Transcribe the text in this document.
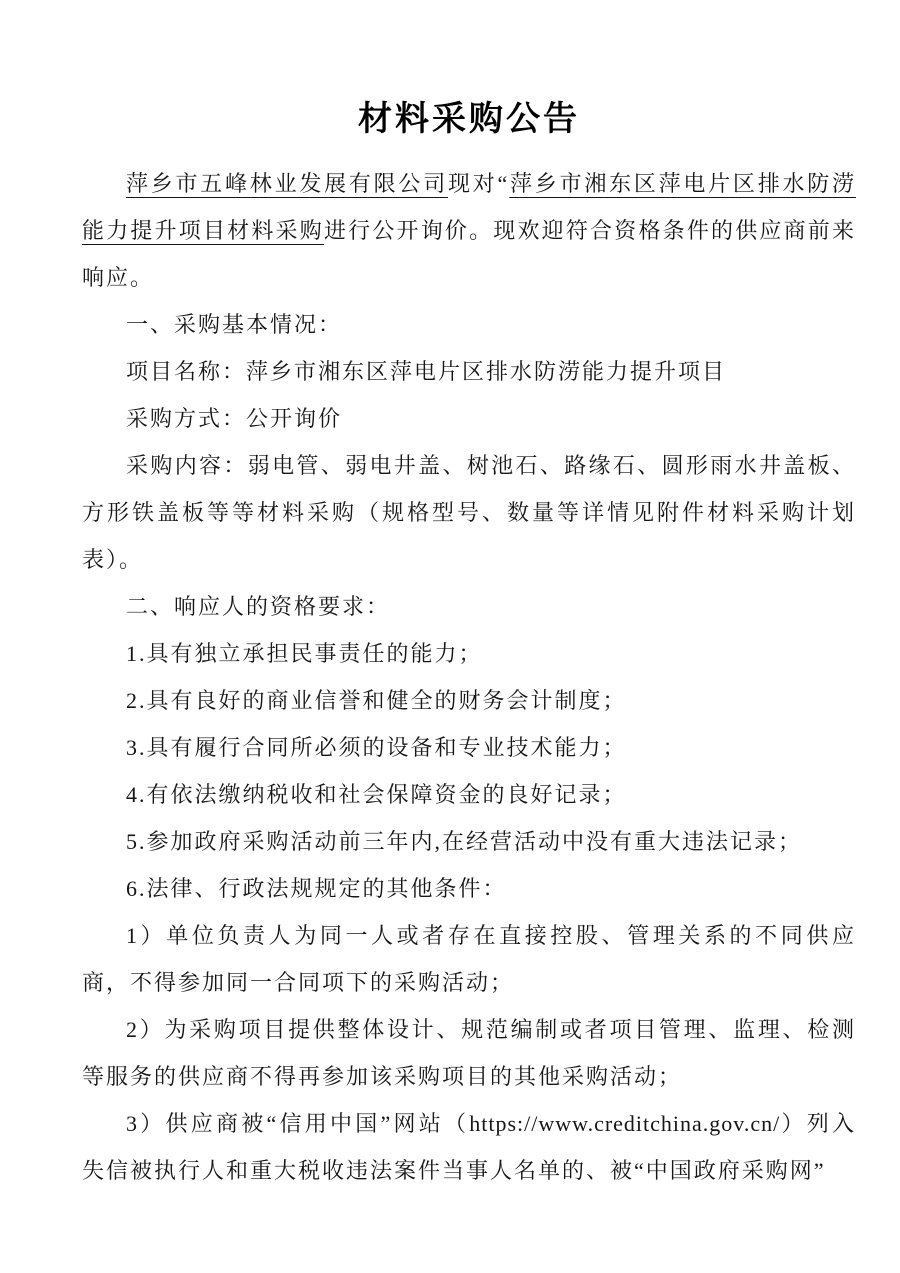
材料采购公告

萍乡市五峰林业发展有限公司现对“萍乡市湘东区萍电片区排水防涝能力提升项目材料采购进行公开询价。现欢迎符合资格条件的供应商前来响应。

一、采购基本情况：

项目名称：萍乡市湘东区萍电片区排水防涝能力提升项目

采购方式：公开询价

采购内容：弱电管、弱电井盖、树池石、路缘石、圆形雨水井盖板、方形铁盖板等等材料采购（规格型号、数量等详情见附件材料采购计划表）。

二、响应人的资格要求：

1.具有独立承担民事责任的能力；

2.具有良好的商业信誉和健全的财务会计制度；

3.具有履行合同所必须的设备和专业技术能力；

4.有依法缴纳税收和社会保障资金的良好记录；

5.参加政府采购活动前三年内,在经营活动中没有重大违法记录；

6.法律、行政法规规定的其他条件：

1）单位负责人为同一人或者存在直接控股、管理关系的不同供应商，不得参加同一合同项下的采购活动；

2）为采购项目提供整体设计、规范编制或者项目管理、监理、检测等服务的供应商不得再参加该采购项目的其他采购活动；

3）供应商被“信用中国”网站（https://www.creditchina.gov.cn/）列入失信被执行人和重大税收违法案件当事人名单的、被“中国政府采购网”
